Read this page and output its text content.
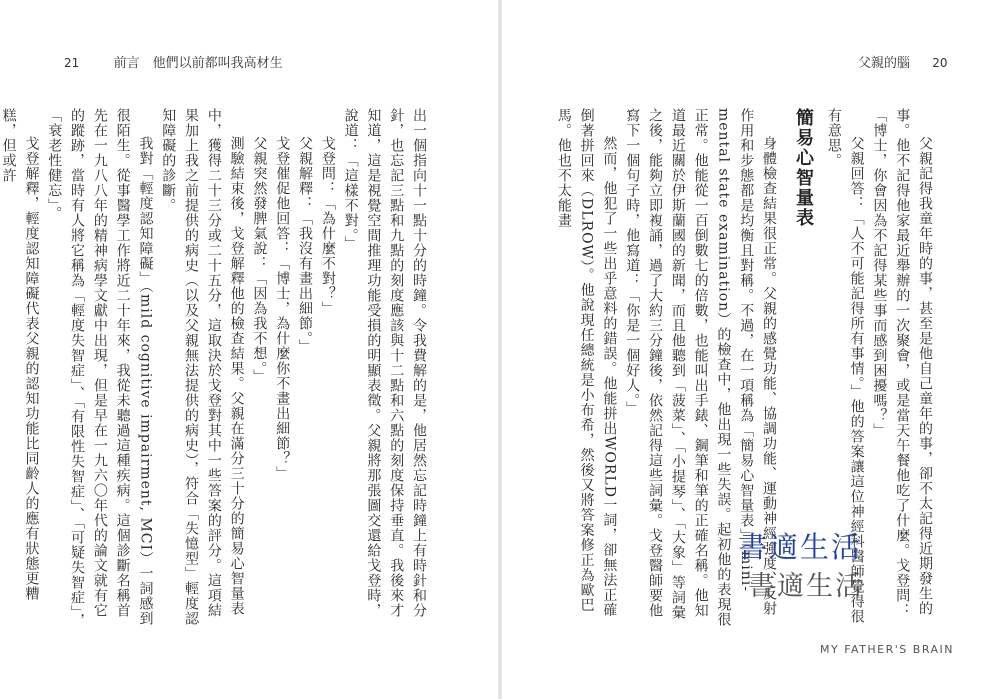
21	前言　他們以前都叫我高材生

出一個指向十一點十分的時鐘。令我費解的是，他居然忘記時鐘上有時針和分針，也忘記三點和九點的刻度應該與十二點和六點的刻度保持垂直。我後來才知道，這是視覺空間推理功能受損的明顯表徵。父親將那張圖交還給戈登時，說道：「這樣不對。」

戈登問：「為什麼不對？」

父親解釋：「我沒有畫出細節。」

戈登催促他回答：「博士，為什麼你不畫出細節？」

父親突然發脾氣說：「因為我不想。」

測驗結束後，戈登解釋他的檢查結果。父親在滿分三十分的簡易心智量表中，獲得二十三分或二十五分，這取決於戈登對其中一些答案的評分。這項結果加上我之前提供的病史（以及父親無法提供的病史），符合「失憶型」輕度認知障礙的診斷。

我對「輕度認知障礙」（mild cognitive impairment, MCI）一詞感到很陌生。從事醫學工作將近二十年來，我從未聽過這種疾病。這個診斷名稱首先在一九八八年的精神病學文獻中出現，但是早在一九六〇年代的論文就有它的蹤跡，當時有人將它稱為「輕度失智症」、「有限性失智症」、「可疑失智症」，「衰老性健忘」。

戈登解釋，輕度認知障礙代表父親的認知功能比同齡人的應有狀態更糟糕，但或許

父親的腦 20

父親記得我童年時的事，甚至是他自己童年的事，卻不太記得近期發生的事。他不記得他家最近舉辦的一次聚會，或是當天午餐他吃了什麼。戈登問：「博士，你會因為不記得某些事而感到困擾嗎？」

父親回答：「人不可能記得所有事情。」他的答案讓這位神經科醫師覺得很有意思。

簡易心智量表

身體檢查結果很正常。父親的感覺功能、協調功能、運動神經強度、反射作用和步態都是均衡且對稱。不過，在一項稱為「簡易心智量表」（mini-mental state examination）的檢查中，他出現一些失誤。起初他的表現很正常。他能從一百倒數七的倍數，也能叫出手錶、鋼筆和筆的正確名稱。他知道最近關於伊斯蘭國的新聞，而且他聽到「菠菜」、「小提琴」、「大象」等詞彙之後，能夠立即複誦，過了大約三分鐘後，依然記得這些詞彙。戈登醫師要他寫下一個句子時，他寫道：「你是一個好人。」

然而，他犯了一些出乎意料的錯誤。他能拼出WORLD一詞，卻無法正確倒著拼回來（DLROW）。他說現任總統是小布希，然後又將答案修正為歐巴馬。他也不太能畫

MY FATHER'S BRAIN
書適生活
書適生活
